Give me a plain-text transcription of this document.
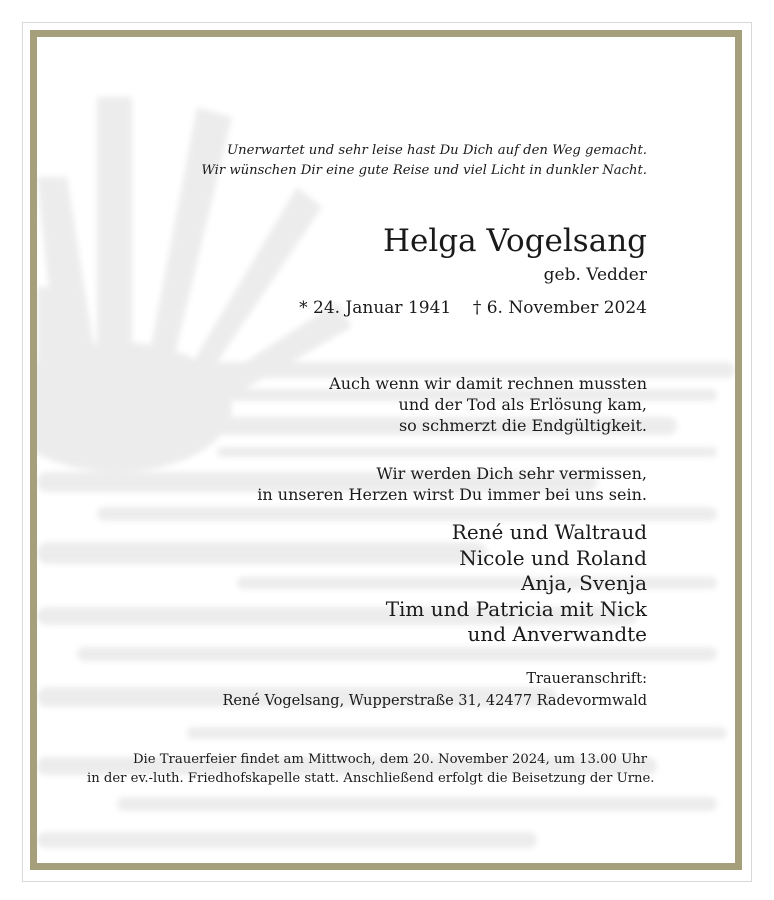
Unerwartet und sehr leise hast Du Dich auf den Weg gemacht.
Wir wünschen Dir eine gute Reise und viel Licht in dunkler Nacht.
Helga Vogelsang
geb. Vedder
* 24. Januar 1941    † 6. November 2024
Auch wenn wir damit rechnen mussten
und der Tod als Erlösung kam,
so schmerzt die Endgültigkeit.
Wir werden Dich sehr vermissen,
in unseren Herzen wirst Du immer bei uns sein.
René und Waltraud
Nicole und Roland
Anja, Svenja
Tim und Patricia mit Nick
und Anverwandte
Traueranschrift:
René Vogelsang, Wupperstraße 31, 42477 Radevormwald
Die Trauerfeier findet am Mittwoch, dem 20. November 2024, um 13.00 Uhr
in der ev.-luth. Friedhofskapelle statt. Anschließend erfolgt die Beisetzung der Urne.
